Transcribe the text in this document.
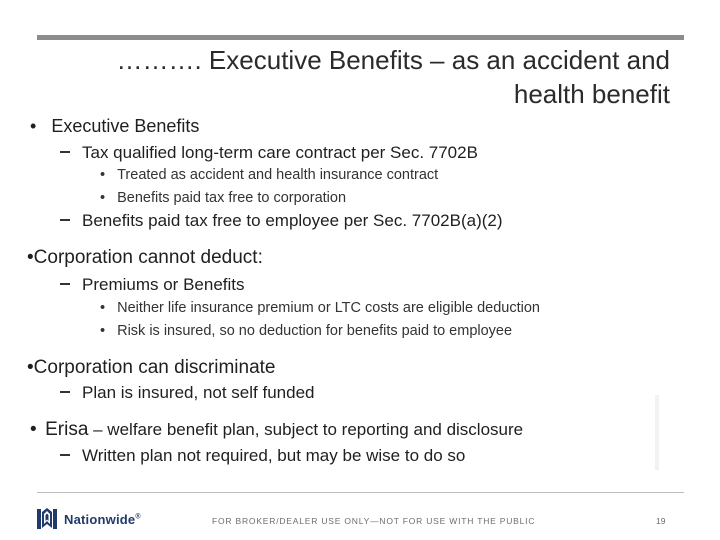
………. Executive Benefits – as an accident and
health benefit
• Executive Benefits
Tax qualified long-term care contract per Sec. 7702B
• Treated as accident and health insurance contract
• Benefits paid tax free to corporation
Benefits paid tax free to employee per Sec. 7702B(a)(2)
•Corporation cannot deduct:
Premiums or Benefits
• Neither life insurance premium or LTC costs are eligible deduction
• Risk is insured, so no deduction for benefits paid to employee
•Corporation can discriminate
Plan is insured, not self funded
• Erisa – welfare benefit plan, subject to reporting and disclosure
Written plan not required, but may be wise to do so
Nationwide®	FOR BROKER/DEALER USE ONLY—NOT FOR USE WITH THE PUBLIC	19
